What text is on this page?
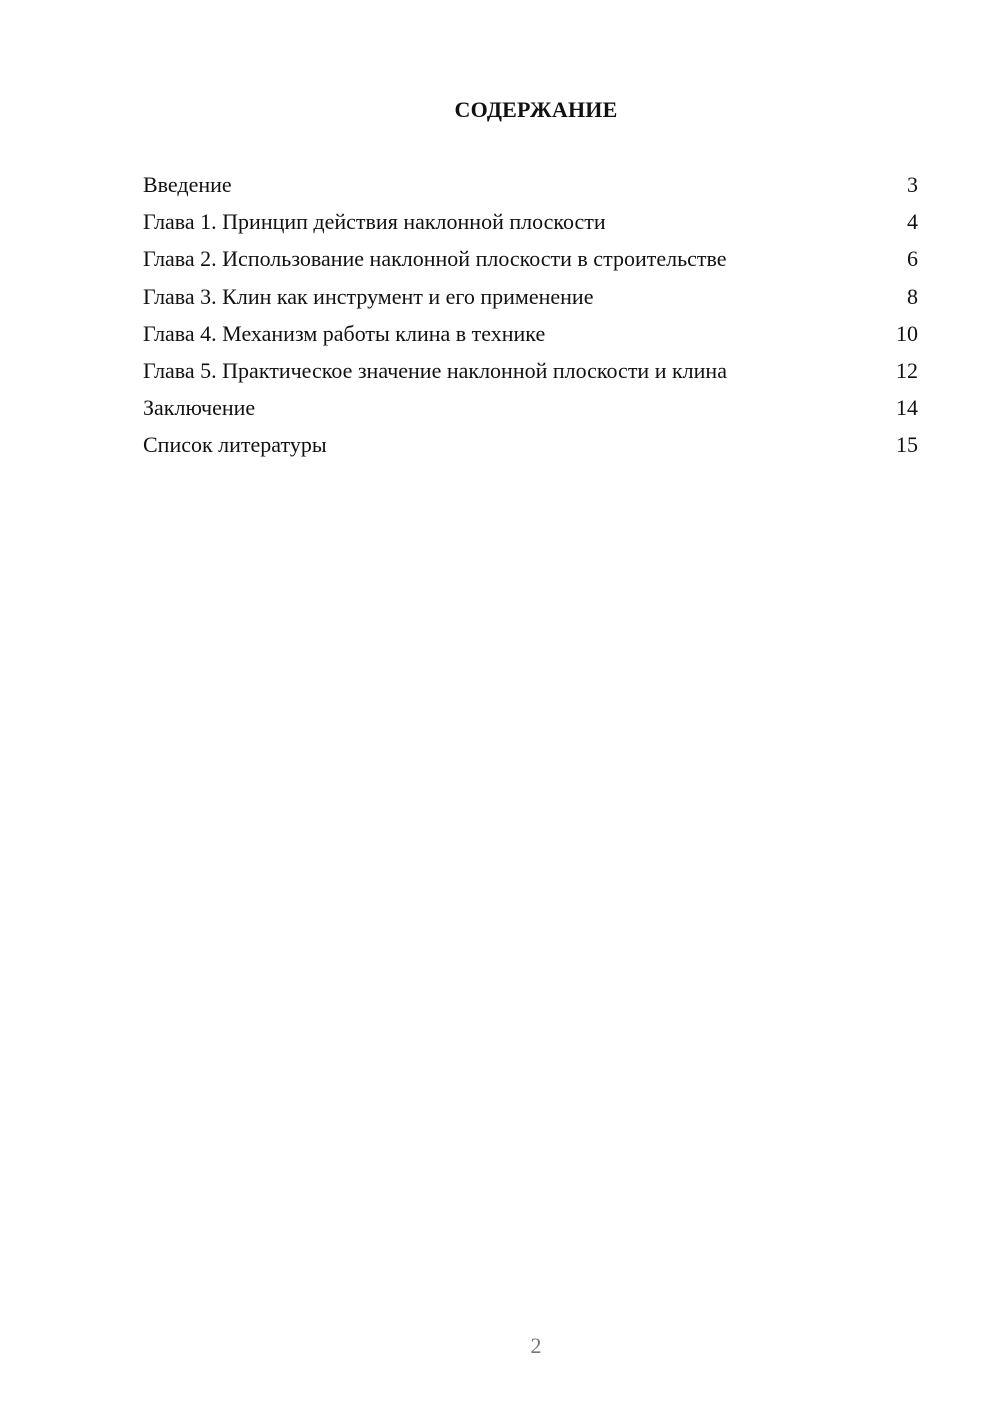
СОДЕРЖАНИЕ
Введение	3
Глава 1. Принцип действия наклонной плоскости	4
Глава 2. Использование наклонной плоскости в строительстве	6
Глава 3. Клин как инструмент и его применение	8
Глава 4. Механизм работы клина в технике	10
Глава 5. Практическое значение наклонной плоскости и клина	12
Заключение	14
Список литературы	15
2
